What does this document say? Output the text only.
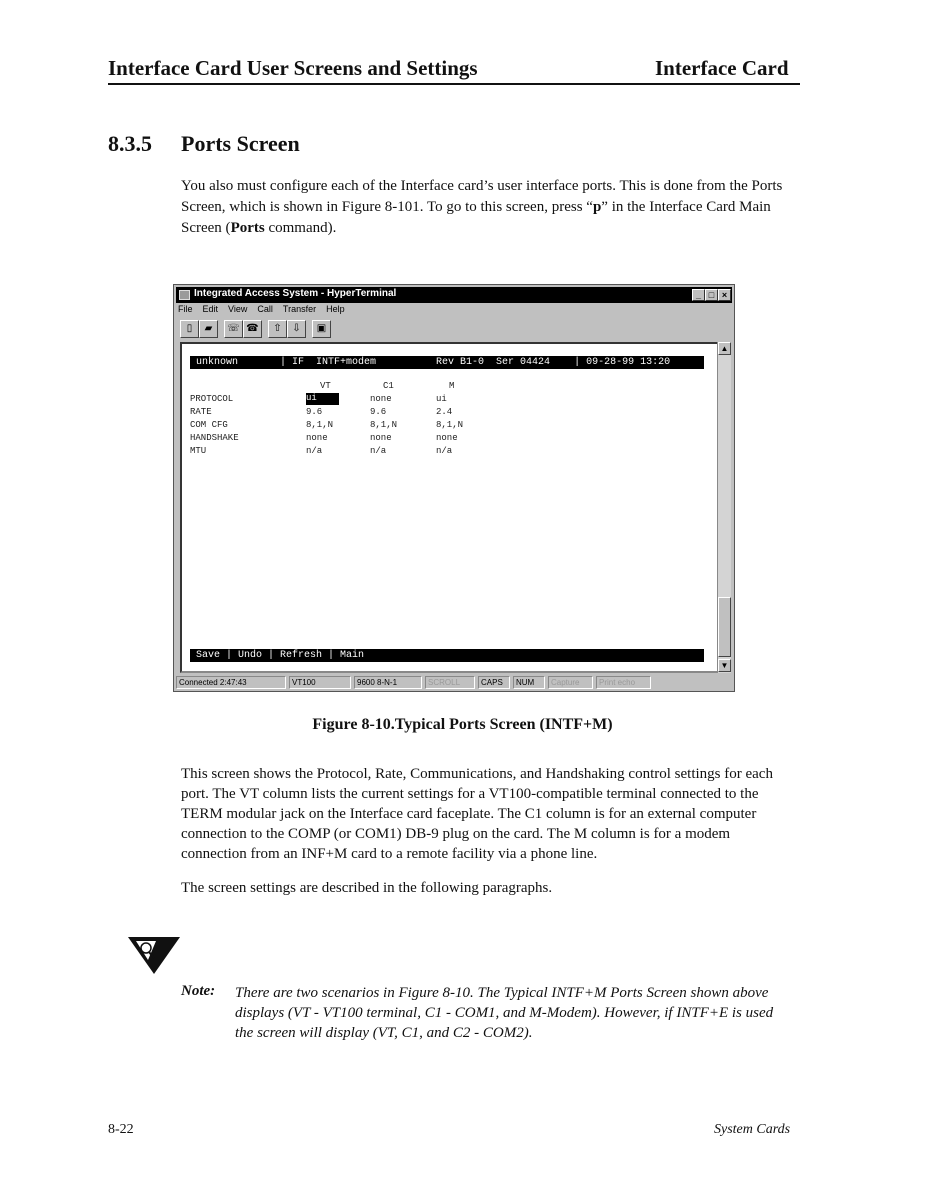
Interface Card User Screens and Settings	Interface Card
8.3.5 Ports Screen
You also must configure each of the Interface card’s user interface ports. This is done from the Ports Screen, which is shown in Figure 8-101. To go to this screen, press “p” in the Interface Card Main Screen (Ports command).
Integrated Access System - HyperTerminal	_ □ ×
File Edit View Call Transfer Help
▯	▰	☏ ☎	⇧	⇩	▣
▲
▼
unknown       | IF  INTF+modem          Rev B1-0  Ser 04424    | 09-28-99 13:20
VT	C1	M
PROTOCOL	ui	none	ui
RATE	9.6	9.6	2.4
COM CFG	8,1,N	8,1,N	8,1,N
HANDSHAKE	none	none	none
MTU	n/a	n/a	n/a
Save | Undo | Refresh | Main
Connected 2:47:43	VT100	9600 8-N-1	SCROLL	CAPS	NUM	Capture	Print echo
Figure 8-10.Typical Ports Screen (INTF+M)
This screen shows the Protocol, Rate, Communications, and Handshaking control settings for each port. The VT column lists the current settings for a VT100-compatible terminal connected to the TERM modular jack on the Interface card faceplate. The C1 column is for an external computer connection to the COMP (or COM1) DB-9 plug on the card. The M column is for a modem connection from an INF+M card to a remote facility via a phone line.
The screen settings are described in the following paragraphs.
Note: There are two scenarios in Figure 8-10. The Typical INTF+M Ports Screen shown above displays (VT - VT100 terminal, C1 - COM1, and M-Modem). However, if INTF+E is used the screen will display (VT, C1, and C2 - COM2).
8-22	System Cards
